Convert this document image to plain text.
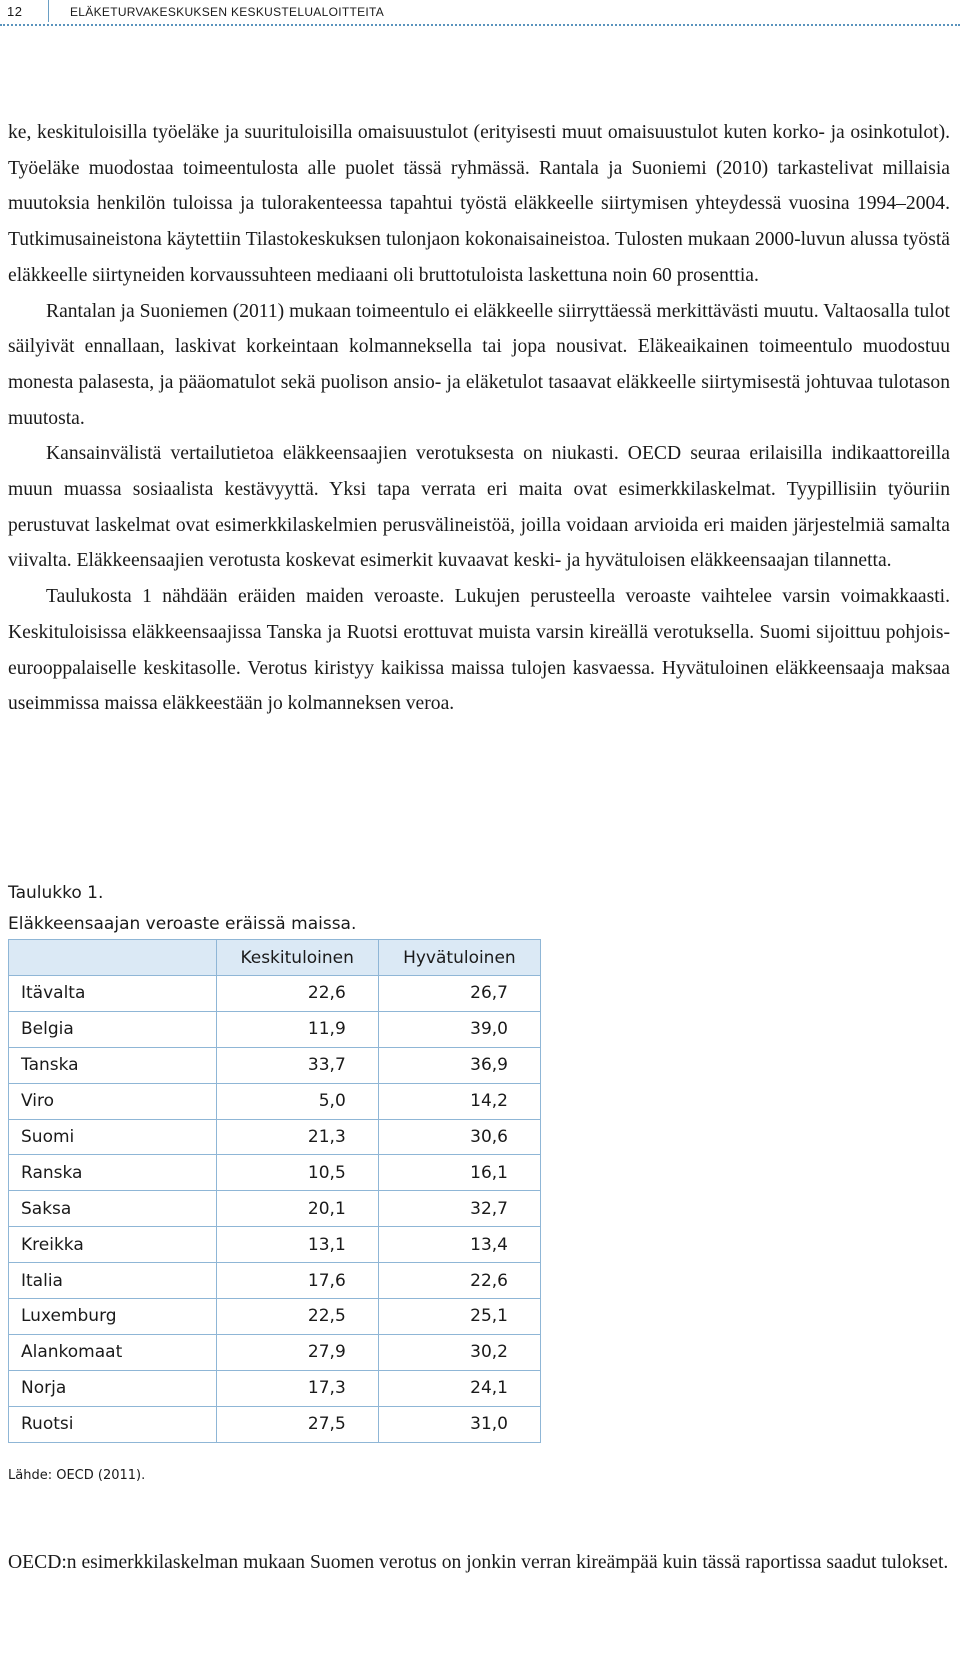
12	ELÄKETURVAKESKUKSEN KESKUSTELUALOITTEITA

ke, keskituloisilla työeläke ja suurituloisilla omaisuustulot (erityisesti muut omaisuustulot kuten korko- ja osinkotulot). Työeläke muodostaa toimeentulosta alle puolet tässä ryhmässä. Rantala ja Suoniemi (2010) tarkastelivat millaisia muutoksia henkilön tuloissa ja tulorakenteessa tapahtui työstä eläkkeelle siirtymisen yhteydessä vuosina 1994–2004. Tutkimusaineistona käytettiin Tilastokeskuksen tulonjaon kokonaisaineistoa. Tulosten mukaan 2000-luvun alussa työstä eläkkeelle siirtyneiden korvaussuhteen mediaani oli bruttotuloista laskettuna noin 60 prosenttia.

Rantalan ja Suoniemen (2011) mukaan toimeentulo ei eläkkeelle siirryttäessä merkittävästi muutu. Valtaosalla tulot säilyivät ennallaan, laskivat korkeintaan kolmanneksella tai jopa nousivat. Eläkeaikainen toimeentulo muodostuu monesta palasesta, ja pääomatulot sekä puolison ansio- ja eläketulot tasaavat eläkkeelle siirtymisestä johtuvaa tulotason muutosta.

Kansainvälistä vertailutietoa eläkkeensaajien verotuksesta on niukasti. OECD seuraa erilaisilla indikaattoreilla muun muassa sosiaalista kestävyyttä. Yksi tapa verrata eri maita ovat esimerkkilaskelmat. Tyypillisiin työuriin perustuvat laskelmat ovat esimerkkilaskelmien perusvälineistöä, joilla voidaan arvioida eri maiden järjestelmiä samalta viivalta. Eläkkeensaajien verotusta koskevat esimerkit kuvaavat keski- ja hyvätuloisen eläkkeensaajan tilannetta.

Taulukosta 1 nähdään eräiden maiden veroaste. Lukujen perusteella veroaste vaihtelee varsin voimakkaasti. Keskituloisissa eläkkeensaajissa Tanska ja Ruotsi erottuvat muista varsin kireällä verotuksella. Suomi sijoittuu pohjois-eurooppalaiselle keskitasolle. Verotus kiristyy kaikissa maissa tulojen kasvaessa. Hyvätuloinen eläkkeensaaja maksaa useimmissa maissa eläkkeestään jo kolmanneksen veroa.

Taulukko 1.
Eläkkeensaajan veroaste eräissä maissa.
	Keskituloinen	Hyvätuloinen
Itävalta	22,6	26,7
Belgia	11,9	39,0
Tanska	33,7	36,9
Viro	5,0	14,2
Suomi	21,3	30,6
Ranska	10,5	16,1
Saksa	20,1	32,7
Kreikka	13,1	13,4
Italia	17,6	22,6
Luxemburg	22,5	25,1
Alankomaat	27,9	30,2
Norja	17,3	24,1
Ruotsi	27,5	31,0
Lähde: OECD (2011).

OECD:n esimerkkilaskelman mukaan Suomen verotus on jonkin verran kireämpää kuin tässä raportissa saadut tulokset.
